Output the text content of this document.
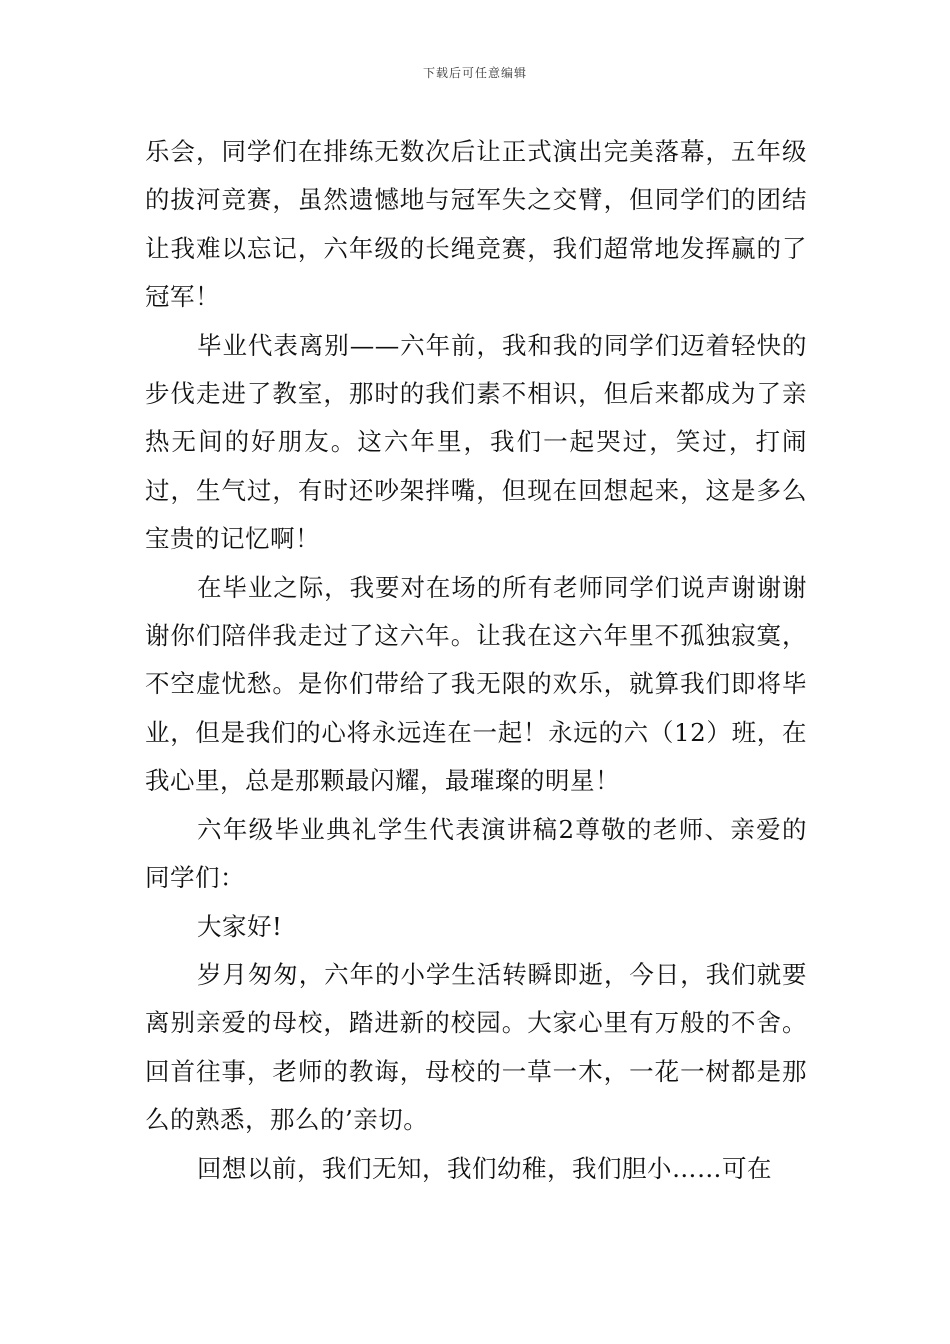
下载后可任意编辑

乐会，同学们在排练无数次后让正式演出完美落幕，五年级的拔河竞赛，虽然遗憾地与冠军失之交臂，但同学们的团结让我难以忘记，六年级的长绳竞赛，我们超常地发挥赢的了冠军！

毕业代表离别——六年前，我和我的同学们迈着轻快的步伐走进了教室，那时的我们素不相识，但后来都成为了亲热无间的好朋友。这六年里，我们一起哭过，笑过，打闹过，生气过，有时还吵架拌嘴，但现在回想起来，这是多么宝贵的记忆啊！

在毕业之际，我要对在场的所有老师同学们说声谢谢谢谢你们陪伴我走过了这六年。让我在这六年里不孤独寂寞，不空虚忧愁。是你们带给了我无限的欢乐，就算我们即将毕业，但是我们的心将永远连在一起！永远的六（12）班，在我心里，总是那颗最闪耀，最璀璨的明星！

六年级毕业典礼学生代表演讲稿2尊敬的老师、亲爱的同学们：

大家好!

岁月匆匆，六年的小学生活转瞬即逝，今日，我们就要离别亲爱的母校，踏进新的校园。大家心里有万般的不舍。回首往事，老师的教诲，母校的一草一木，一花一树都是那么的熟悉，那么的’亲切。

回想以前，我们无知，我们幼稚，我们胆小……可在
